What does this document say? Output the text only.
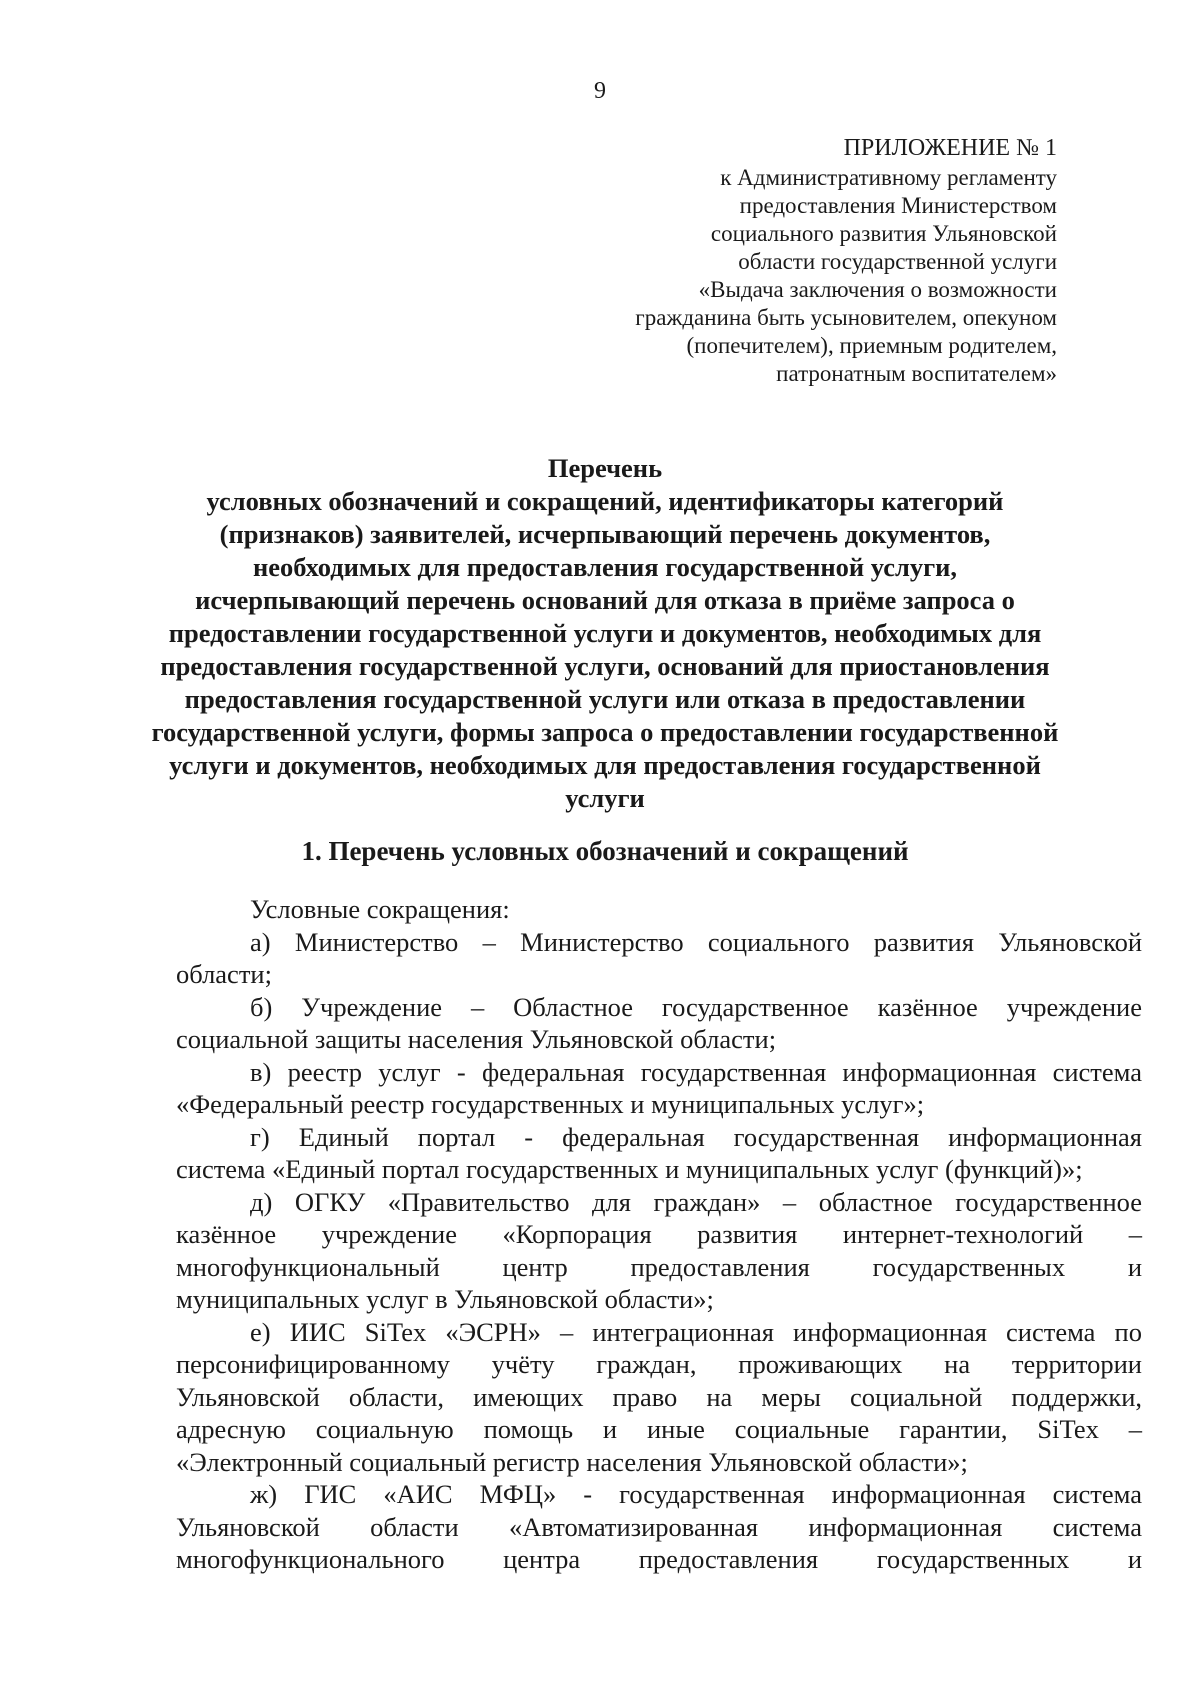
9
ПРИЛОЖЕНИЕ № 1
к Административному регламенту
предоставления Министерством
социального развития Ульяновской
области государственной услуги
«Выдача заключения о возможности
гражданина быть усыновителем, опекуном
(попечителем), приемным родителем,
патронатным воспитателем»
Перечень
условных обозначений и сокращений, идентификаторы категорий
(признаков) заявителей, исчерпывающий перечень документов,
необходимых для предоставления государственной услуги,
исчерпывающий перечень оснований для отказа в приёме запроса о
предоставлении государственной услуги и документов, необходимых для
предоставления государственной услуги, оснований для приостановления
предоставления государственной услуги или отказа в предоставлении
государственной услуги, формы запроса о предоставлении государственной
услуги и документов, необходимых для предоставления государственной
услуги
1. Перечень условных обозначений и сокращений
Условные сокращения:
а) Министерство – Министерство социального развития Ульяновской
области;
б) Учреждение – Областное государственное казённое учреждение
социальной защиты населения Ульяновской области;
в) реестр услуг - федеральная государственная информационная система
«Федеральный реестр государственных и муниципальных услуг»;
г) Единый портал - федеральная государственная информационная
система «Единый портал государственных и муниципальных услуг (функций)»;
д) ОГКУ «Правительство для граждан» – областное государственное
казённое учреждение «Корпорация развития интернет-технологий –
многофункциональный центр предоставления государственных и
муниципальных услуг в Ульяновской области»;
е) ИИС SiTex «ЭСРН» – интеграционная информационная система по
персонифицированному учёту граждан, проживающих на территории
Ульяновской области, имеющих право на меры социальной поддержки,
адресную социальную помощь и иные социальные гарантии, SiTex –
«Электронный социальный регистр населения Ульяновской области»;
ж) ГИС «АИС МФЦ» - государственная информационная система
Ульяновской области «Автоматизированная информационная система
многофункционального центра предоставления государственных и
